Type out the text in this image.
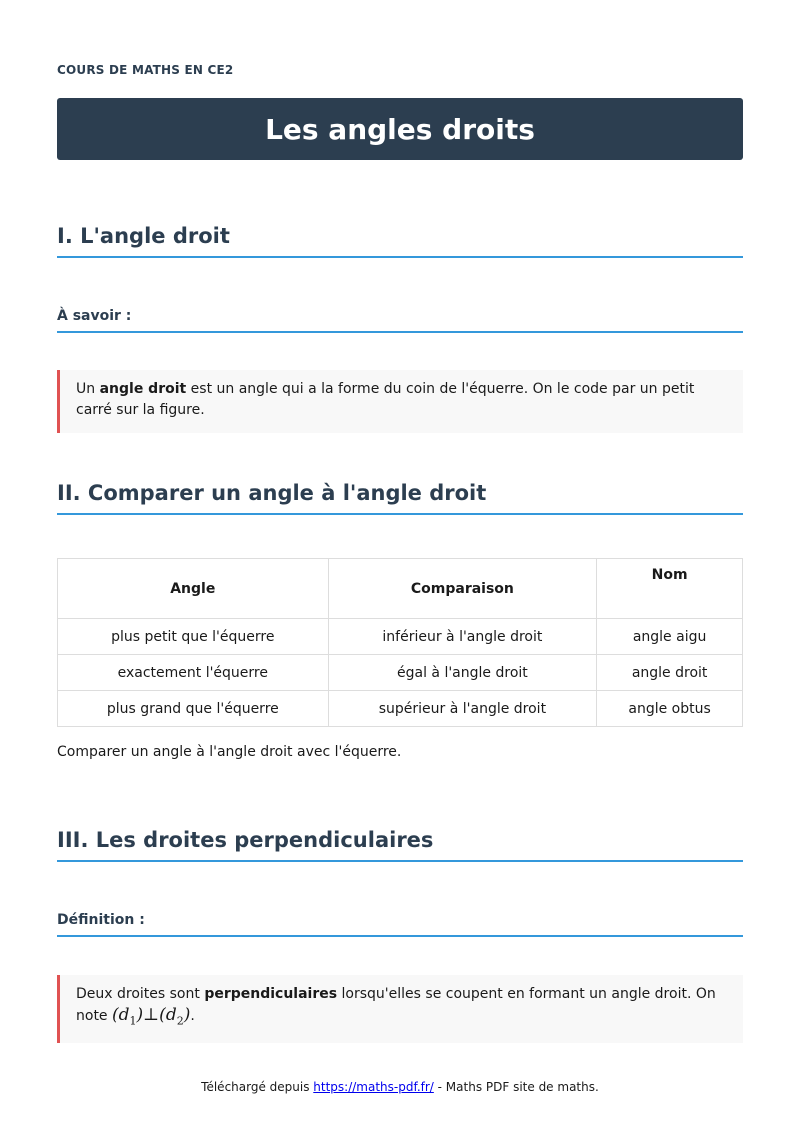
COURS DE MATHS EN CE2
Les angles droits
I. L'angle droit
À savoir :
Un angle droit est un angle qui a la forme du coin de l'équerre. On le code par un petit carré sur la figure.
II. Comparer un angle à l'angle droit
Angle	Comparaison	Nom
plus petit que l'équerre	inférieur à l'angle droit	angle aigu
exactement l'équerre	égal à l'angle droit	angle droit
plus grand que l'équerre	supérieur à l'angle droit	angle obtus
Comparer un angle à l'angle droit avec l'équerre.
III. Les droites perpendiculaires
Définition :
Deux droites sont perpendiculaires lorsqu'elles se coupent en formant un angle droit. On note $(d_1)\perp(d_2)$.
Téléchargé depuis https://maths-pdf.fr/ - Maths PDF site de maths.
